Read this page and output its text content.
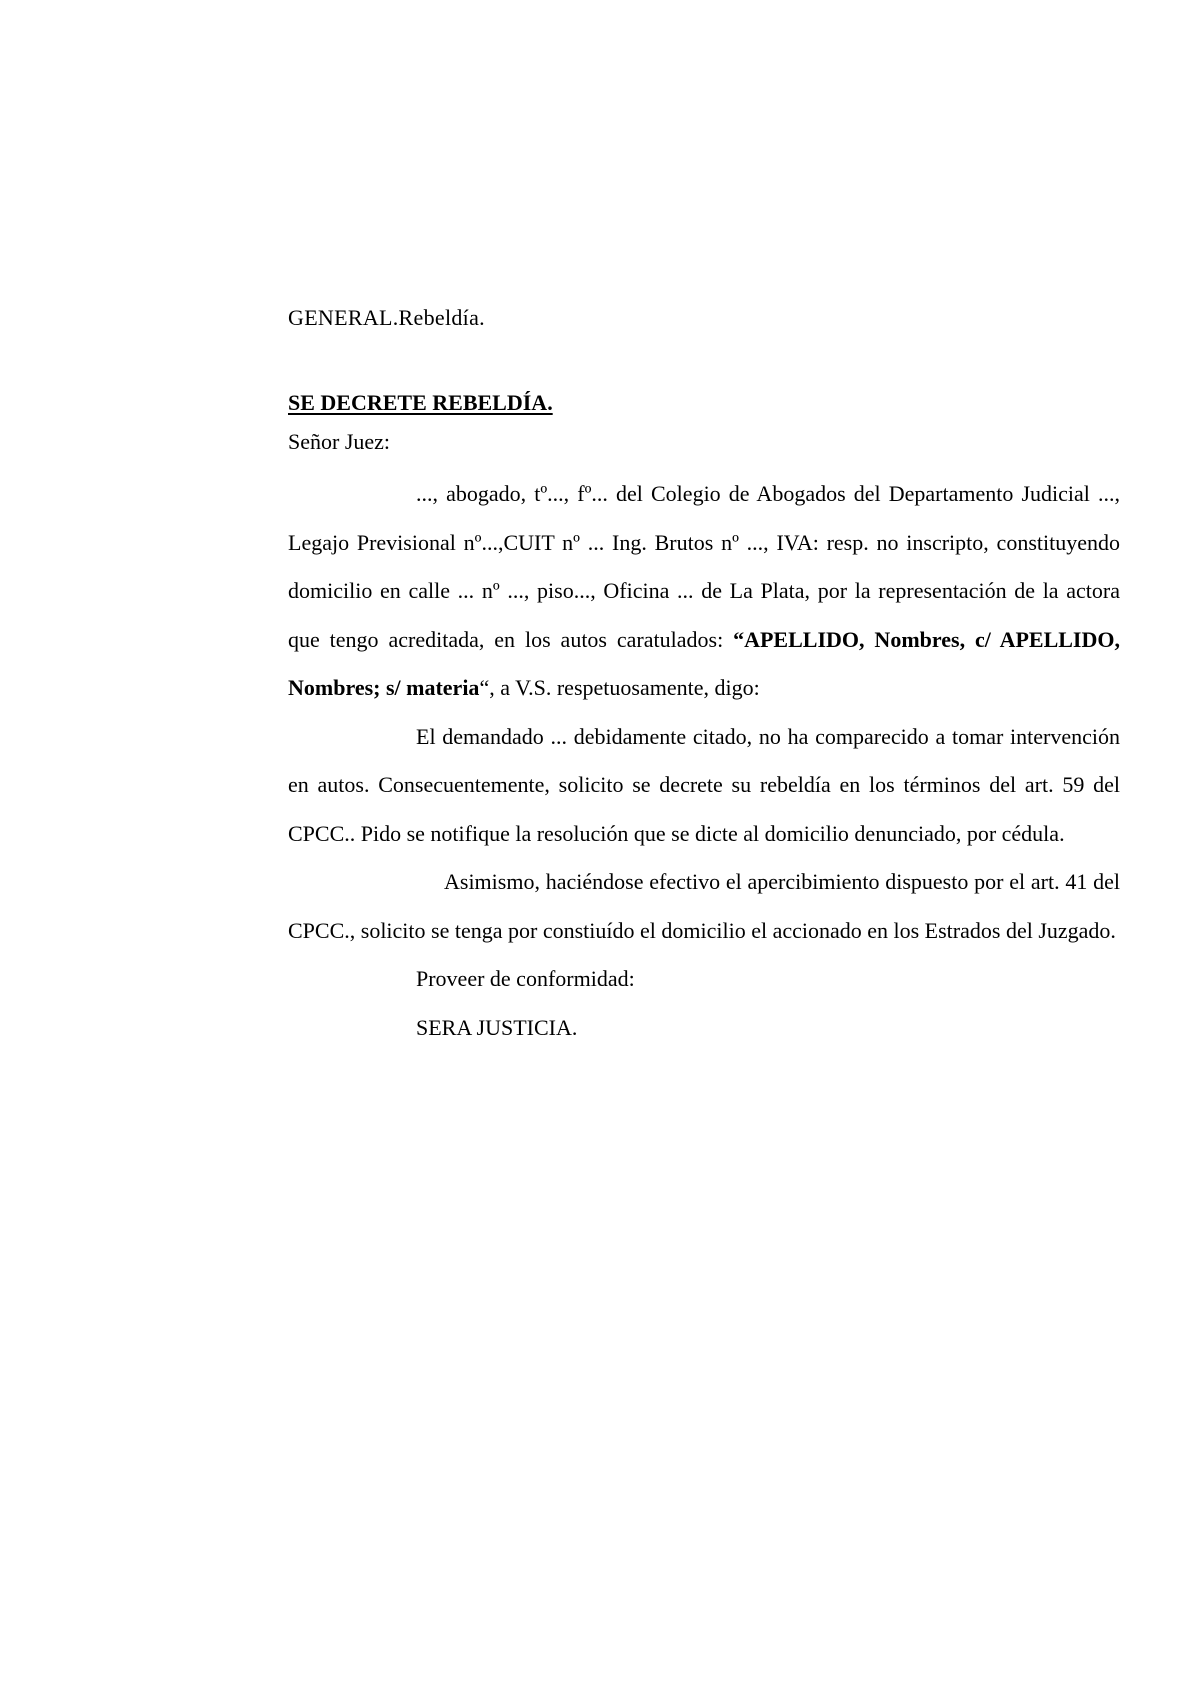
GENERAL.Rebeldía.

SE DECRETE REBELDÍA.

Señor Juez:

..., abogado, tº..., fº... del Colegio de Abogados del Departamento Judicial ..., Legajo Previsional nº...,CUIT nº ... Ing. Brutos nº ..., IVA: resp. no inscripto, constituyendo domicilio en calle ... nº ..., piso..., Oficina ... de La Plata, por la representación de la actora que tengo acreditada, en los autos caratulados: “APELLIDO, Nombres, c/ APELLIDO, Nombres; s/ materia“, a V.S. respetuosamente, digo:

El demandado ... debidamente citado, no ha comparecido a tomar intervención en autos. Consecuentemente, solicito se decrete su rebeldía en los términos del art. 59 del CPCC.. Pido se notifique la resolución que se dicte al domicilio denunciado, por cédula.

Asimismo, haciéndose efectivo el apercibimiento dispuesto por el art. 41 del CPCC., solicito se tenga por constiuído el domicilio el accionado en los Estrados del Juzgado.

Proveer de conformidad:

SERA JUSTICIA.
